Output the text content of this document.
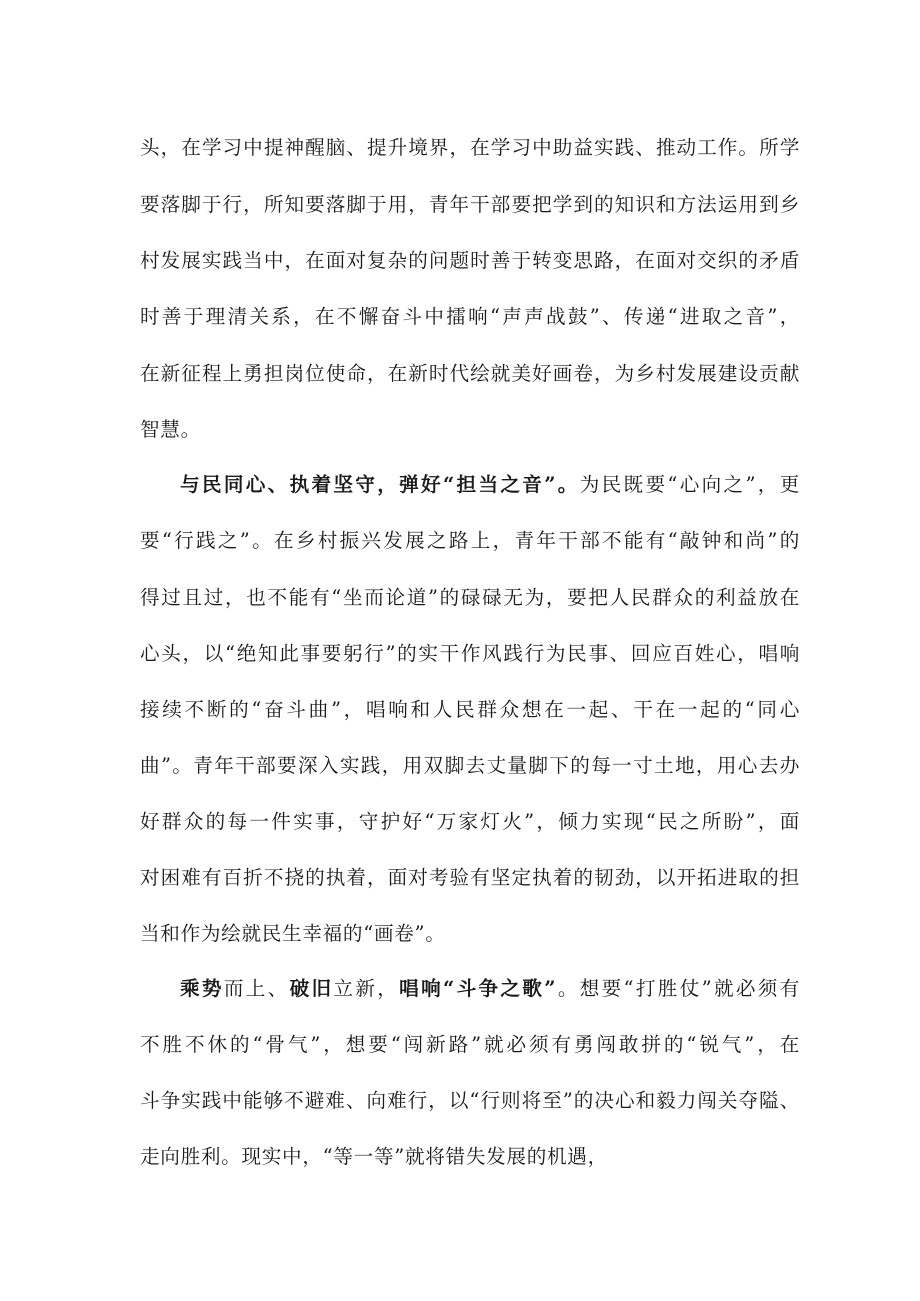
头，在学习中提神醒脑、提升境界，在学习中助益实践、推动工作。所学
要落脚于行，所知要落脚于用，青年干部要把学到的知识和方法运用到乡
村发展实践当中，在面对复杂的问题时善于转变思路，在面对交织的矛盾
时善于理清关系，在不懈奋斗中擂响“声声战鼓”、传递“进取之音”，
在新征程上勇担岗位使命，在新时代绘就美好画卷，为乡村发展建设贡献
智慧。
与民同心、执着坚守，弹好“担当之音”。为民既要“心向之”，更
要“行践之”。在乡村振兴发展之路上，青年干部不能有“敲钟和尚”的
得过且过，也不能有“坐而论道”的碌碌无为，要把人民群众的利益放在
心头，以“绝知此事要躬行”的实干作风践行为民事、回应百姓心，唱响
接续不断的“奋斗曲”，唱响和人民群众想在一起、干在一起的“同心
曲”。青年干部要深入实践，用双脚去丈量脚下的每一寸土地，用心去办
好群众的每一件实事，守护好“万家灯火”，倾力实现“民之所盼”，面
对困难有百折不挠的执着，面对考验有坚定执着的韧劲，以开拓进取的担
当和作为绘就民生幸福的“画卷”。
乘势而上、破旧立新，唱响“斗争之歌”。想要“打胜仗”就必须有
不胜不休的“骨气”，想要“闯新路”就必须有勇闯敢拼的“锐气”，在
斗争实践中能够不避难、向难行，以“行则将至”的决心和毅力闯关夺隘、
走向胜利。现实中，“等一等”就将错失发展的机遇，
